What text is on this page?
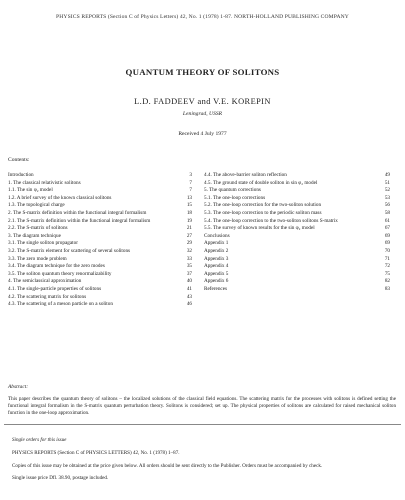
PHYSICS REPORTS (Section C of Physics Letters) 42, No. 1 (1978) 1-87. NORTH-HOLLAND PUBLISHING COMPANY
QUANTUM THEORY OF SOLITONS
L.D. FADDEEV and V.E. KOREPIN
Leningrad, USSR
Received 4 July 1977
Contents:
Introduction	3
1. The classical relativistic solitons	7
1.1. The sin φ₂ model	7
1.2. A brief survey of the known classical solitons	13
1.3. The topological charge	15
2. The S-matrix definition within the functional integral formalism	18
2.1. The S-matrix definition within the functional integral formalism	19
2.2. The S-matrix of solitons	21
3. The diagram technique	27
3.1. The single soliton propagator	29
3.2. The S-matrix element for scattering of several solitons	32
3.3. The zero mode problem	33
3.4. The diagram technique for the zero modes	35
3.5. The soliton quantum theory renormalizability	37
4. The semiclassical approximation	40
4.1. The single-particle properties of solitons	41
4.2. The scattering matrix for solitons	43
4.3. The scattering of a meson particle on a soliton	46
4.4. The above-barrier soliton reflection	49
4.5. The ground state of double soliton in sin φ₂ model	51
5. The quantum corrections	52
5.1. The one-loop corrections	53
5.2. The one-loop correction for the two-soliton solution	56
5.3. The one-loop correction to the periodic soliton mass	58
5.4. The one-loop correction to the two-soliton solitons S-matrix	61
5.5. The survey of known results for the sin φ₂ model	67
Conclusions	69
Appendix 1	69
Appendix 2	70
Appendix 3	71
Appendix 4	72
Appendix 5	75
Appendix 6	82
References	83
Abstract:
This paper describes the quantum theory of solitons – the localized solutions of the classical field equations. The scattering matrix for the processes with solitons is defined setting the functional integral formalism in the S-matrix quantum perturbation theory. Solitons is considered; set up. The physical properties of solitons are calculated for raised mechanical soliton function in the one-loop approximation.
Single orders for this issue
PHYSICS REPORTS (Section C of PHYSICS LETTERS) 42, No. 1 (1978) 1–87.
Copies of this issue may be obtained at the price given below. All orders should be sent directly to the Publisher. Orders must be accompanied by check.
Single issue price Dfl. 38.90, postage included.
